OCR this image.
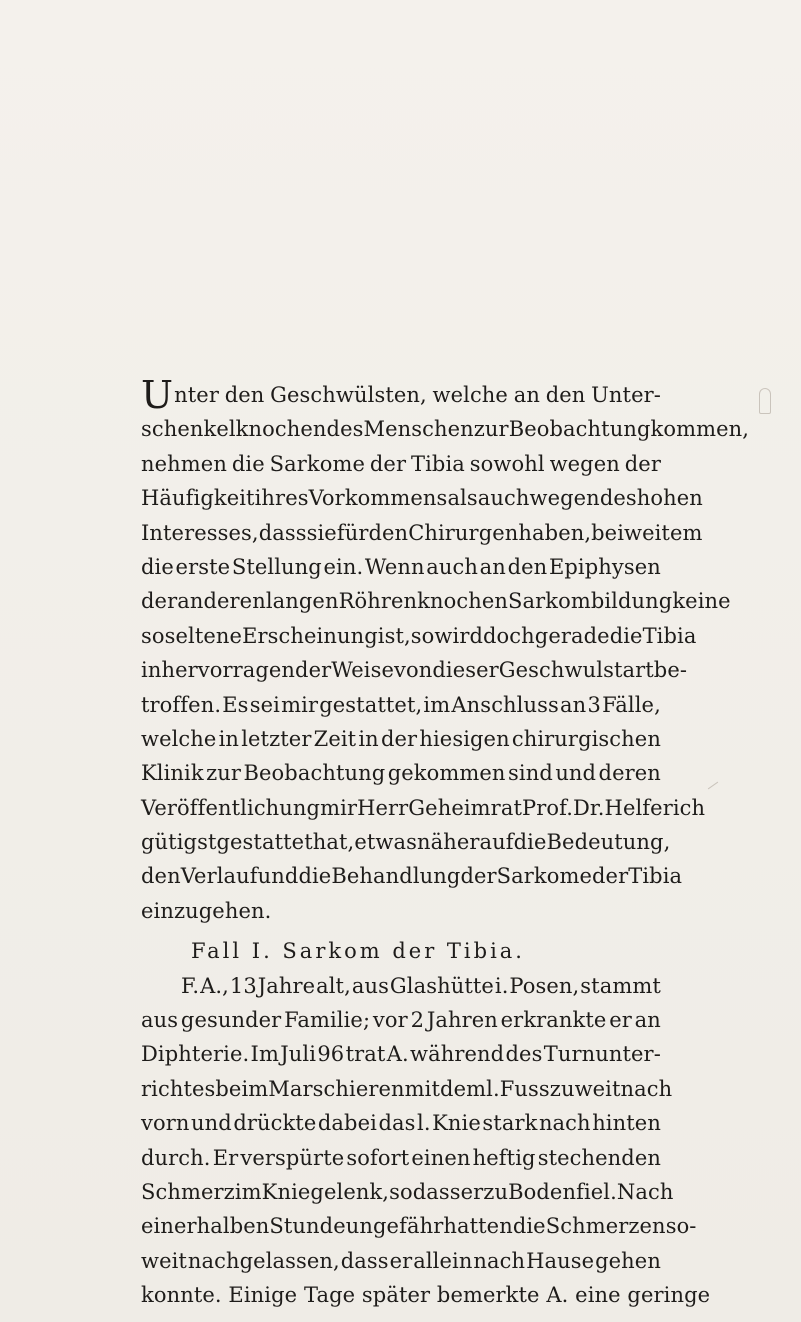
Unter den Geschwülsten, welche an den Unter-
schenkelknochen des Menschen zur Beobachtung kommen,
nehmen die Sarkome der Tibia sowohl wegen der
Häufigkeit ihres Vorkommens als auch wegen des hohen
Interesses, dass sie für den Chirurgen haben, bei weitem
die erste Stellung ein. Wenn auch an den Epiphysen
der anderen langen Röhrenknochen Sarkombildung keine
so seltene Erscheinung ist, so wird doch gerade die Tibia
in hervorragender Weise von dieser Geschwulstart be-
troffen. Es sei mir gestattet, im Anschluss an 3 Fälle,
welche in letzter Zeit in der hiesigen chirurgischen
Klinik zur Beobachtung gekommen sind und deren
Veröffentlichung mir Herr Geheimrat Prof. Dr. Helferich
gütigst gestattet hat, etwas näher auf die Bedeutung,
den Verlauf und die Behandlung der Sarkome der Tibia
einzugehen.
Fall I. Sarkom der Tibia.
F. A., 13 Jahre alt, aus Glashütte i. Posen, stammt
aus gesunder Familie; vor 2 Jahren erkrankte er an
Diphterie. Im Juli 96 trat A. während des Turnunter-
richtes beim Marschieren mit dem l. Fuss zu weit nach
vorn und drückte dabei das l. Knie stark nach hinten
durch. Er verspürte sofort einen heftig stechenden
Schmerz im Kniegelenk, sodass er zu Boden fiel. Nach
einer halben Stunde ungefähr hatten die Schmerzen so-
weit nachgelassen, dass er allein nach Hause gehen
konnte. Einige Tage später bemerkte A. eine geringe
